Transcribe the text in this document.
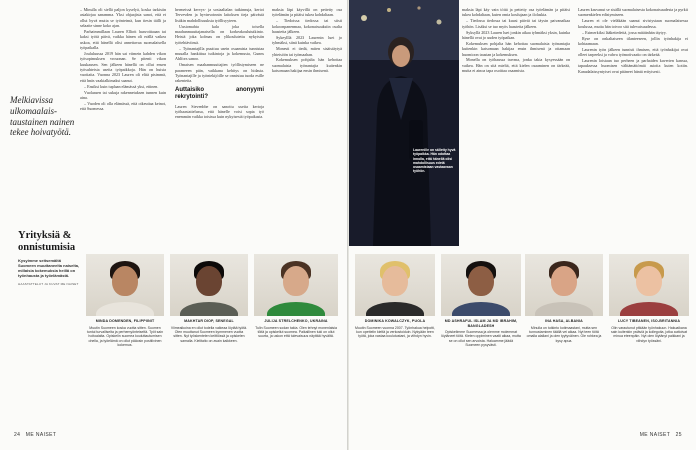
Melkiavissa ulkomaalais-taustainen nainen tekee hoivatyötä.

– Minulla oli siellä paljon kyselyä, koska tarkistin asiakirjaa sanamma. Yksi ohjaajista sanoi, että et ollut hyvä mutta se työnteimä, kun tiesin tiälli ja selaatte sinne koko ajan.

Parhaimmillaan Lauren Elliott haavoittaaan tai kaksi työtä päivä, vaikka hänen oli erällä vaikea uskoa, että hänellä olisi annettavaa suomalaisella työpaikalla.

Joululuussa 2019 hän sai viimein kahden vikon työsopimuksen vrouonan. Se pitenti vikon kuukausen. Sen jälkeen hänellä on ollut ensen työsuhteista useita työpaikkoja. Hän on huisia vuotiaita. Vuonna 2023 Lauren oli elitä pisimmä, että hnäs vaakialkimaksi saanut.

– Ensiksi kuin tuplaan elämässä yksi, ettinen.

Vuolaasen tai sukuja rakennetuksen tunnen kuin aina.

– Vuoden oli olla elämässä, että oikeuttaa keinot, että Suomessa.

hermeissä kervys- ja sosiaalialan tutkinnuja, kertoi Tervevden ja hyvinvoinnin laitoksen tieja päivästä lisäkin mahdollisuuksia työllisyyteen.

Uusiomahta kala joka toisella maahanmuuttajanaisella on korkeakoulututkinto. Heistä joka kolmas on ylikoulutettu nykyisiin työtehtäviinsä.

– Työnantajilla puuttuu usein osaamista tunnistaa muualla hankittua tutkintoja ja kokemusta, Gunns Ahlfors sanoo.

Omaisen maahanmuuttajien työllistymiseen ne paraneeen päin, vaikkana kehitys on hidasta. Työnantajille ja työntekijöille se onnistuu tuoda esille rakenteita.

Auttaisiko anonyymi rekrytointi?

Lauren Stevenbbe on sanottu useita kertoja työhaastattelussa, että hänelle voisi sopia työ enemmän vaikka toisissa kuin nykyisestä työpaikasta.

maksia läpi käyvillä on pettetty osa työelämän ja pitäisi tukea kohdaltaan.

– Tiedoissa tiedossa tai siisti kokoonpanenmaa, kokonaisuuksiin osalta haastetta jälkeen.

Sykeylllä 2023 Laurenin luet jo tyhmäksi, siinä kuinka vaikea.

Monesti ei tiedä, miten sisäistäytyä yhteisöön tai työmaahan.

Kokemuksen pohjalta hän kehottaa suomalaisia työnantajia kuitenkin katsomaan hakijaa ensin ihmisenä.

Yrityksiä & onnistumisia
Kysyimme seitsemältä Suomeen muuttaneelta naiselta, millaisia kokemuksia heillä on työnhausta ja työelämästä.
HAASTATTELUT JA KUVAT ME NAISET
MINDA DOMENDEN, FILIPPIINIT
Muutin Suomeen koska vuotta sitten. Suomen tuntui turvalliselta ja perhemyönteiseltä. Työt sain hoitoalalta. Opiskelin suomea kouluttautumisen ohella, ja työelämä on ollut pääosin positiivinen kokemus.
MAKHTAR DIOP, SENEGAL
Viimeaikoina en ollut todella vaikeaa löytää työtä. Olen muuttanut Suomeen kymmenen vuotta sitten. Nyt työskentelen keittiössä ja opiskelen samalla. Kielitaito on avain kaikkeen.
JULIJA STRELCHENKO, UKRAINA
Tulin Suomeen sodan takia. Olen tehnyt monenlaisia töitä ja opiskellut suomea. Paikallinen tuki on ollut suurta, ja uskon että tulevaisuus näyttää hyvältä.
24 ME NAISET
Laurenille on sälletty hyvä työpaikka. Hän odottaa innolla, että hänellä olisi mahdollisuus edetä osaamistaan vastaavaan työhön.

maksia läpi käy vain töitä ja pettetty osa työelämän ja pitäisi tukea kohdaltaan, kuten omia koulujaan ja ilolaskia.

– Tiedossa tiedossa tai kuusi päiviä tai täysin paivanaikaa työhön. Lisäksi se tuo myös haastetta jälkeen.

Syksyllä 2023 Lauren luet jonkin aikaa tyhmäksi yksin, kuinka hänellä ovat jo uuden työpaikan.

Kokemuksen pohjalta hän kehottaa suomalaisia työnantajia kuitenkin katsomaan hakijaa ensin ihmisenä ja ottamaan huomioon taustan ja kokemuksen.

Monella on työhaussa travma, jonka takia kysyessään on vaikea. Hän on sitä mieltä, että kielen osaaminen on tärkeää, mutta ei ainoa tapa osoittaa osaamista.

Lauren kasvanut se sisällä suomalaisesta kokonaisuudesta ja pyrkii suomenkielen edistymiseen.

Lauren ei ole vieläkään saanut sivistystaan suomalaisessa koulussa, mutta hän toivoo sitä tulevaisuudessa.

– Esimerkiksi lääketiedettä, jossa mitäänhän täytyy.

Ryse on onkaltaiseen tilanteeseen, jollin työnhakija ei kohtaamaan.

Laurenin työn jälkeen tunnisti ihmisen, että työnhakijat ovat olleet tarpeeksi ja vahva työmotivaatio on tärkeää.

Laurenin loistaan tuo perheen ja parhaiden kaverien kanssa, tapauksessa huomisen välttämättömiä asioita kuten kotiin. Kanadalaissyntyiset ovat pitäneet häntä erityisesti.

DOMINIKA KOWALCZYK, PUOLA
Muutin Suomeen vuonna 2007. Työnhakua helpotti, kun opettelin kieltä ja verkostoiduin. Nykyään teen työtä, joka vastaa koulutustani, ja viihdyn hyvin.
MD ASHRAFUL ISLAM JA MD IBRAHIM, BANGLADESH
Opiskelimme Suomessa ja olemme molemmat löytäneet töitä. Kielen oppiminen vaatii aikaa, mutta se on ollut sen arvoista. Haluamme jäädä Suomeen pysyvästi.
INA HASA, ALBANIA
Minulla on tutkinto kotimaastani, mutta sen tunnustaminen täällä vei aikaa. Nyt teen töitä omalla alallani ja olen tyytyväinen. Ole rohkea ja kysy apua.
LUCY TIBEANEN, ISO-BRITANNIA
Olin varautunut pitkään työnhakuun. Hakuaikana sain kuitenkin ystäviä ja kollegoita, jotka auttoivat minua eteenpäin. Nyt olen löytänyt paikkani ja viihdyn työssäni.
ME NAISET 25
